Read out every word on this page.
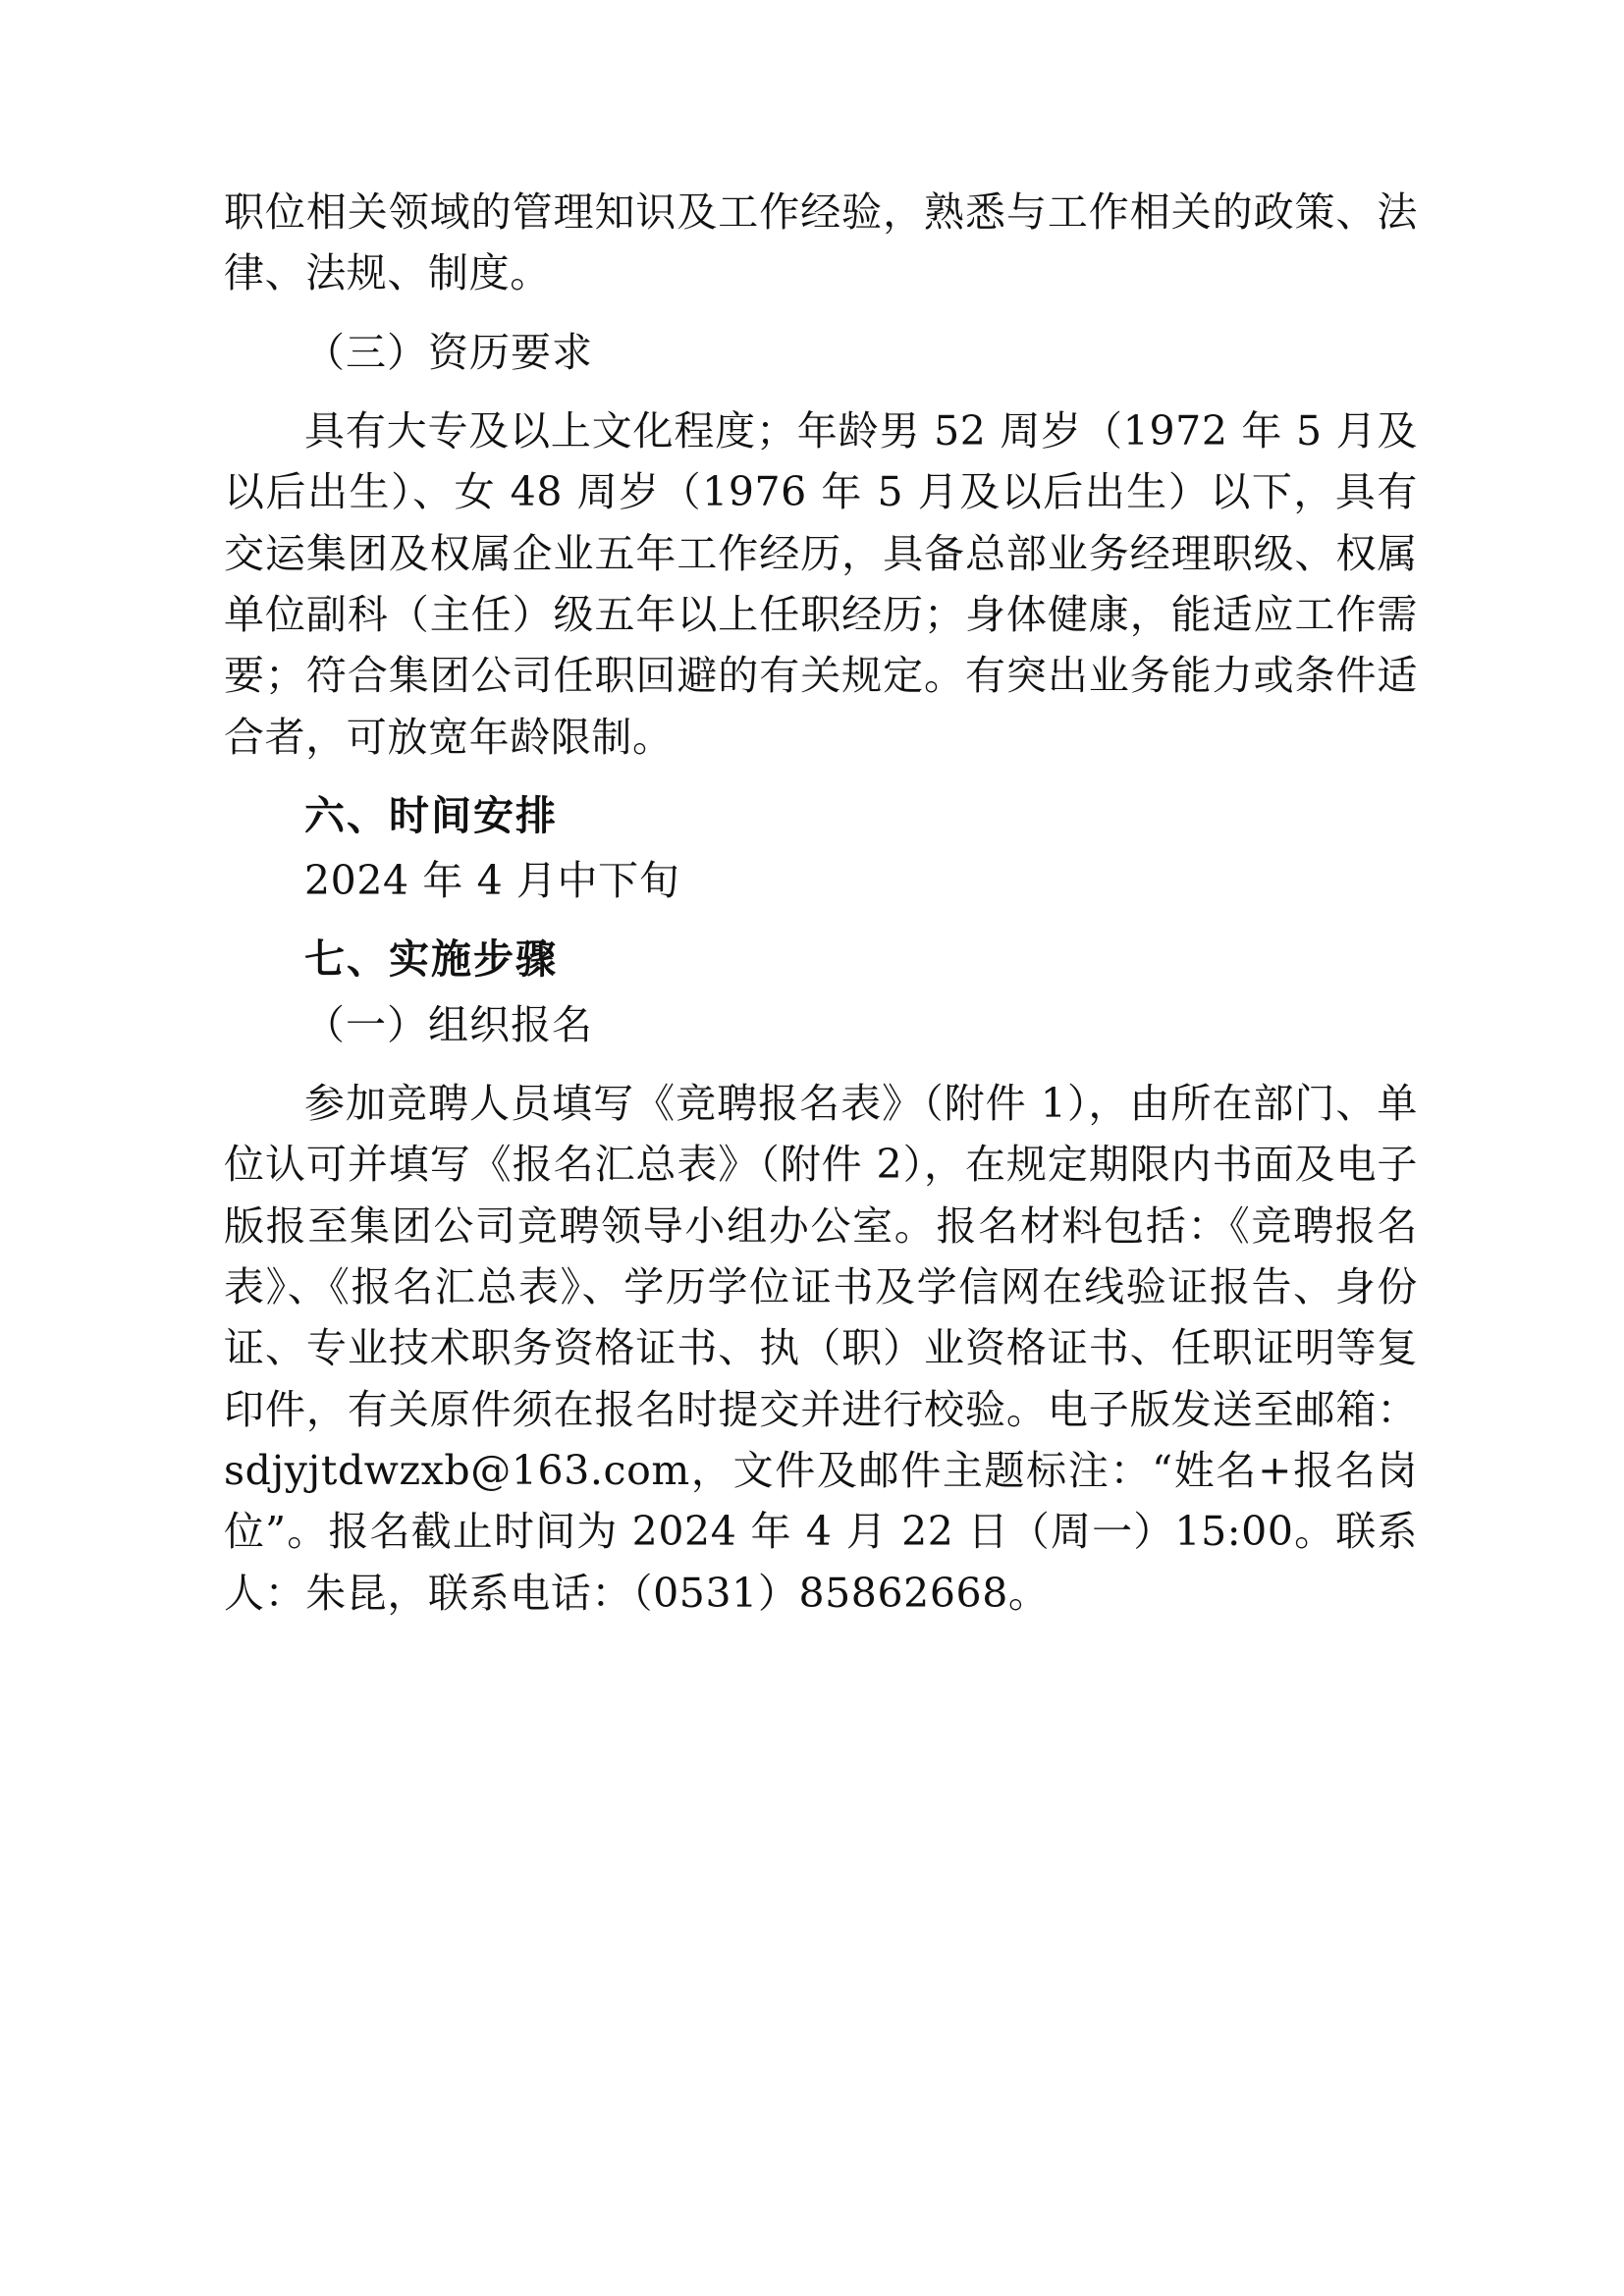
职位相关领域的管理知识及工作经验，熟悉与工作相关的政策、法律、法规、制度。

（三）资历要求

具有大专及以上文化程度；年龄男 52 周岁（1972 年 5 月及以后出生）、女 48 周岁（1976 年 5 月及以后出生）以下，具有交运集团及权属企业五年工作经历，具备总部业务经理职级、权属单位副科（主任）级五年以上任职经历；身体健康，能适应工作需要；符合集团公司任职回避的有关规定。有突出业务能力或条件适合者，可放宽年龄限制。

六、时间安排

2024 年 4 月中下旬

七、实施步骤

（一）组织报名

参加竞聘人员填写《竞聘报名表》（附件 1），由所在部门、单位认可并填写《报名汇总表》（附件 2），在规定期限内书面及电子版报至集团公司竞聘领导小组办公室。报名材料包括：《竞聘报名表》、《报名汇总表》、学历学位证书及学信网在线验证报告、身份证、专业技术职务资格证书、执（职）业资格证书、任职证明等复印件，有关原件须在报名时提交并进行校验。电子版发送至邮箱：sdjyjtdwzxb@163.com，文件及邮件主题标注：“姓名+报名岗位”。报名截止时间为 2024 年 4 月 22 日（周一）15:00。联系人：朱昆，联系电话：（0531）85862668。
